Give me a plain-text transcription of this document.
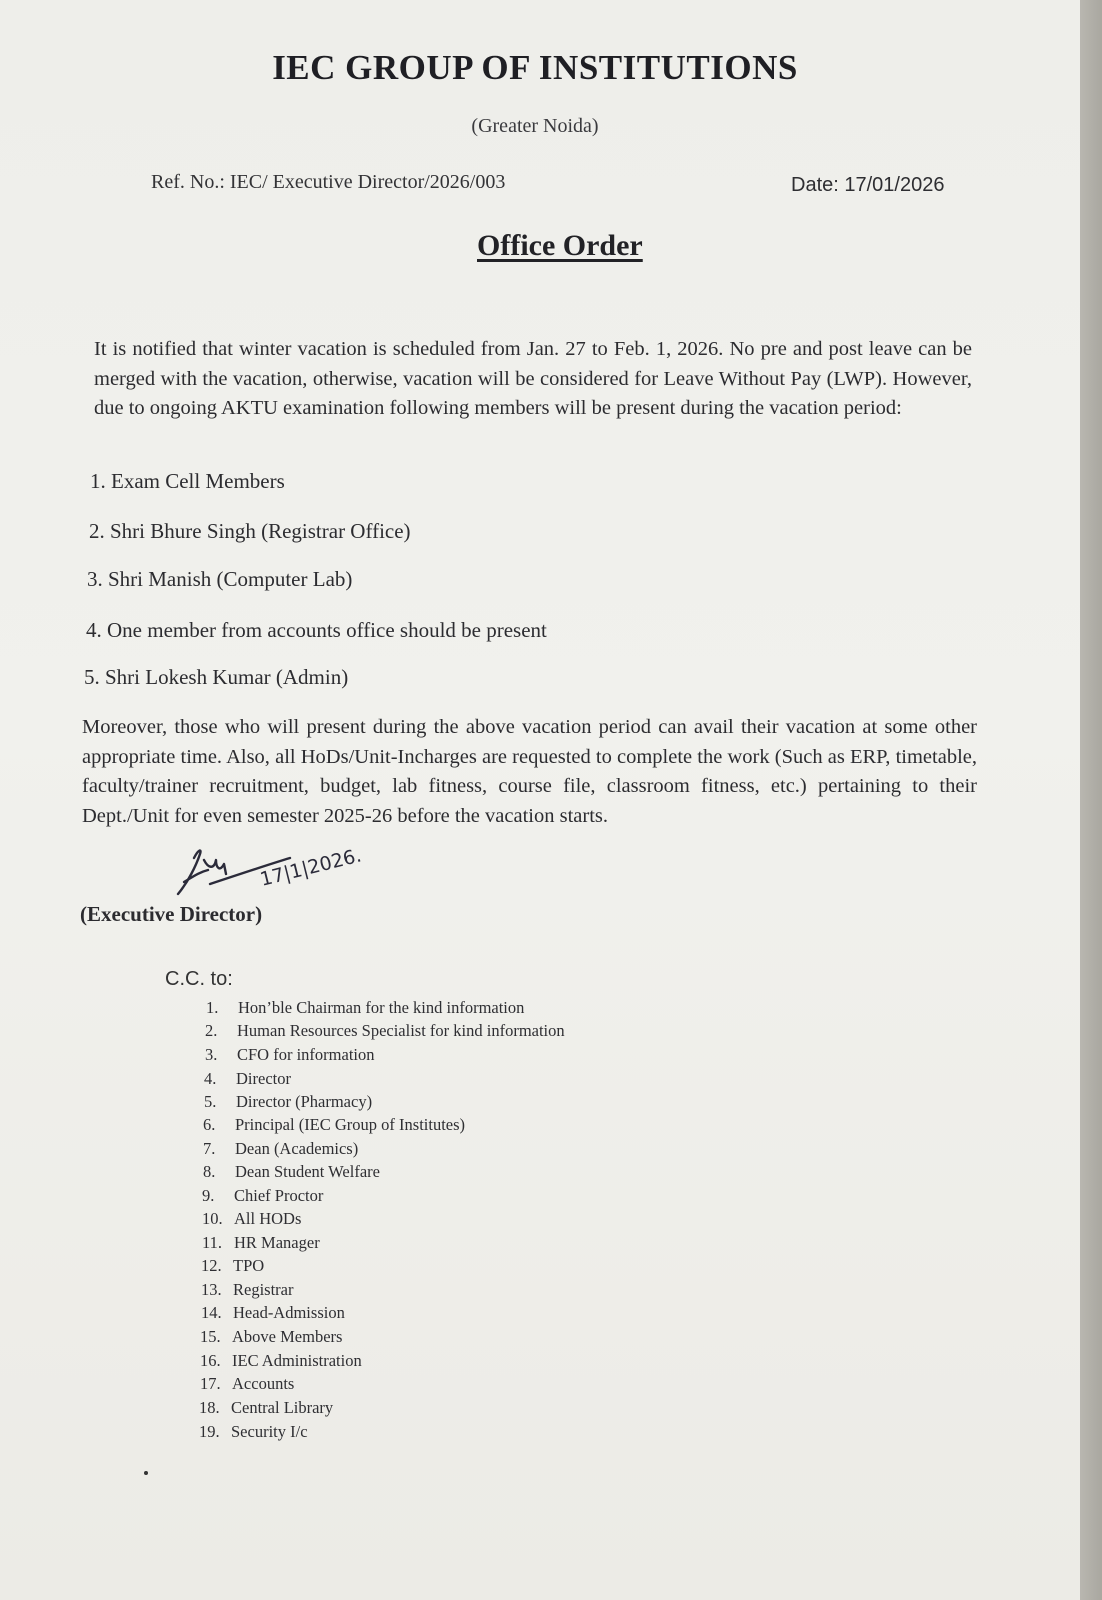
IEC GROUP OF INSTITUTIONS
(Greater Noida)
Ref. No.: IEC/ Executive Director/2026/003	Date: 17/01/2026
Office Order
It is notified that winter vacation is scheduled from Jan. 27 to Feb. 1, 2026. No pre and post leave can be merged with the vacation, otherwise, vacation will be considered for Leave Without Pay (LWP). However, due to ongoing AKTU examination following members will be present during the vacation period:
1. Exam Cell Members
2. Shri Bhure Singh (Registrar Office)
3. Shri Manish (Computer Lab)
4. One member from accounts office should be present
5. Shri Lokesh Kumar (Admin)
Moreover, those who will present during the above vacation period can avail their vacation at some other appropriate time. Also, all HoDs/Unit-Incharges are requested to complete the work (Such as ERP, timetable, faculty/trainer recruitment, budget, lab fitness, course file, classroom fitness, etc.) pertaining to their Dept./Unit for even semester 2025-26 before the vacation starts.
17|1|2026.
(Executive Director)
C.C. to:
1. Hon’ble Chairman for the kind information
2. Human Resources Specialist for kind information
3. CFO for information
4. Director
5. Director (Pharmacy)
6. Principal (IEC Group of Institutes)
7. Dean (Academics)
8. Dean Student Welfare
9. Chief Proctor
10. All HODs
11. HR Manager
12. TPO
13. Registrar
14. Head-Admission
15. Above Members
16. IEC Administration
17. Accounts
18. Central Library
19. Security I/c
